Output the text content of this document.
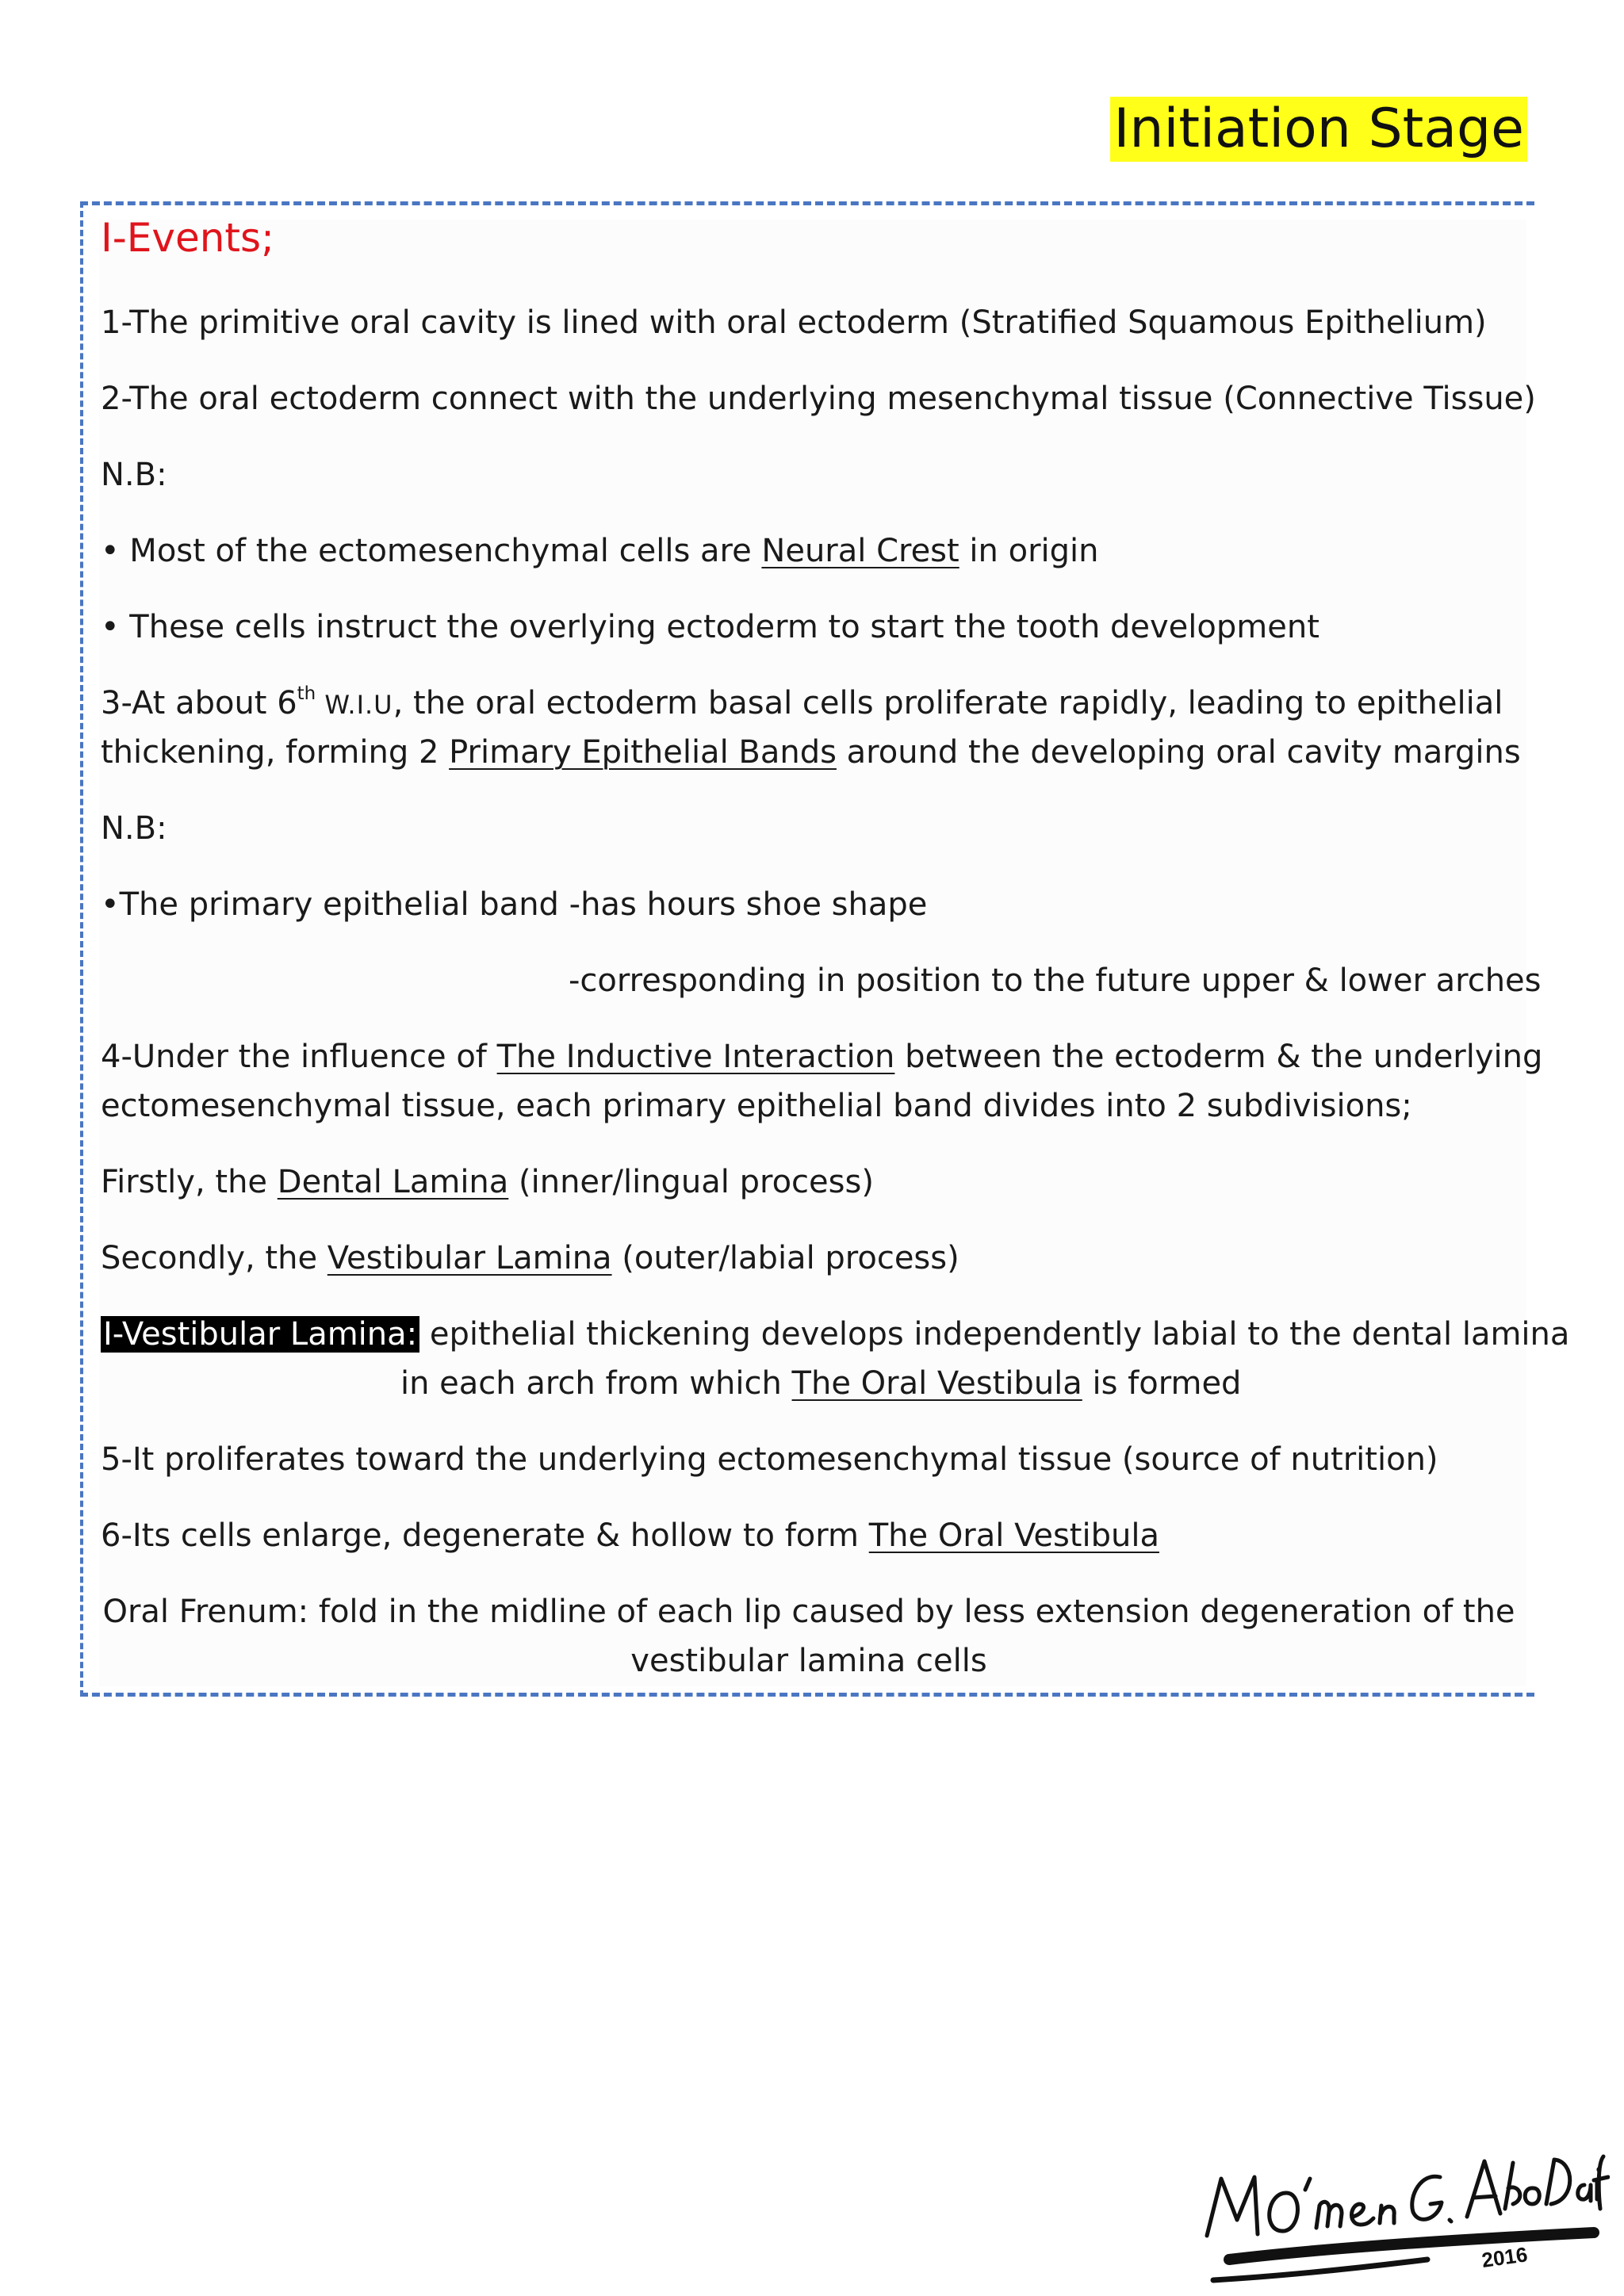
Initiation Stage
I-Events;
1-The primitive oral cavity is lined with oral ectoderm (Stratified Squamous Epithelium)
2-The oral ectoderm connect with the underlying mesenchymal tissue (Connective Tissue)
N.B:
• Most of the ectomesenchymal cells are Neural Crest in origin
• These cells instruct the overlying ectoderm to start the tooth development
3-At about 6th W.I.U, the oral ectoderm basal cells proliferate rapidly, leading to epithelial
thickening, forming 2 Primary Epithelial Bands around the developing oral cavity margins
N.B:
•The primary epithelial band -has hours shoe shape
-corresponding in position to the future upper & lower arches
4-Under the influence of The Inductive Interaction between the ectoderm & the underlying
ectomesenchymal tissue, each primary epithelial band divides into 2 subdivisions;
Firstly, the Dental Lamina (inner/lingual process)
Secondly, the Vestibular Lamina (outer/labial process)
I-Vestibular Lamina: epithelial thickening develops independently labial to the dental lamina
in each arch from which The Oral Vestibula is formed
5-It proliferates toward the underlying ectomesenchymal tissue (source of nutrition)
6-Its cells enlarge, degenerate & hollow to form The Oral Vestibula
Oral Frenum: fold in the midline of each lip caused by less extension degeneration of the
vestibular lamina cells
2016
